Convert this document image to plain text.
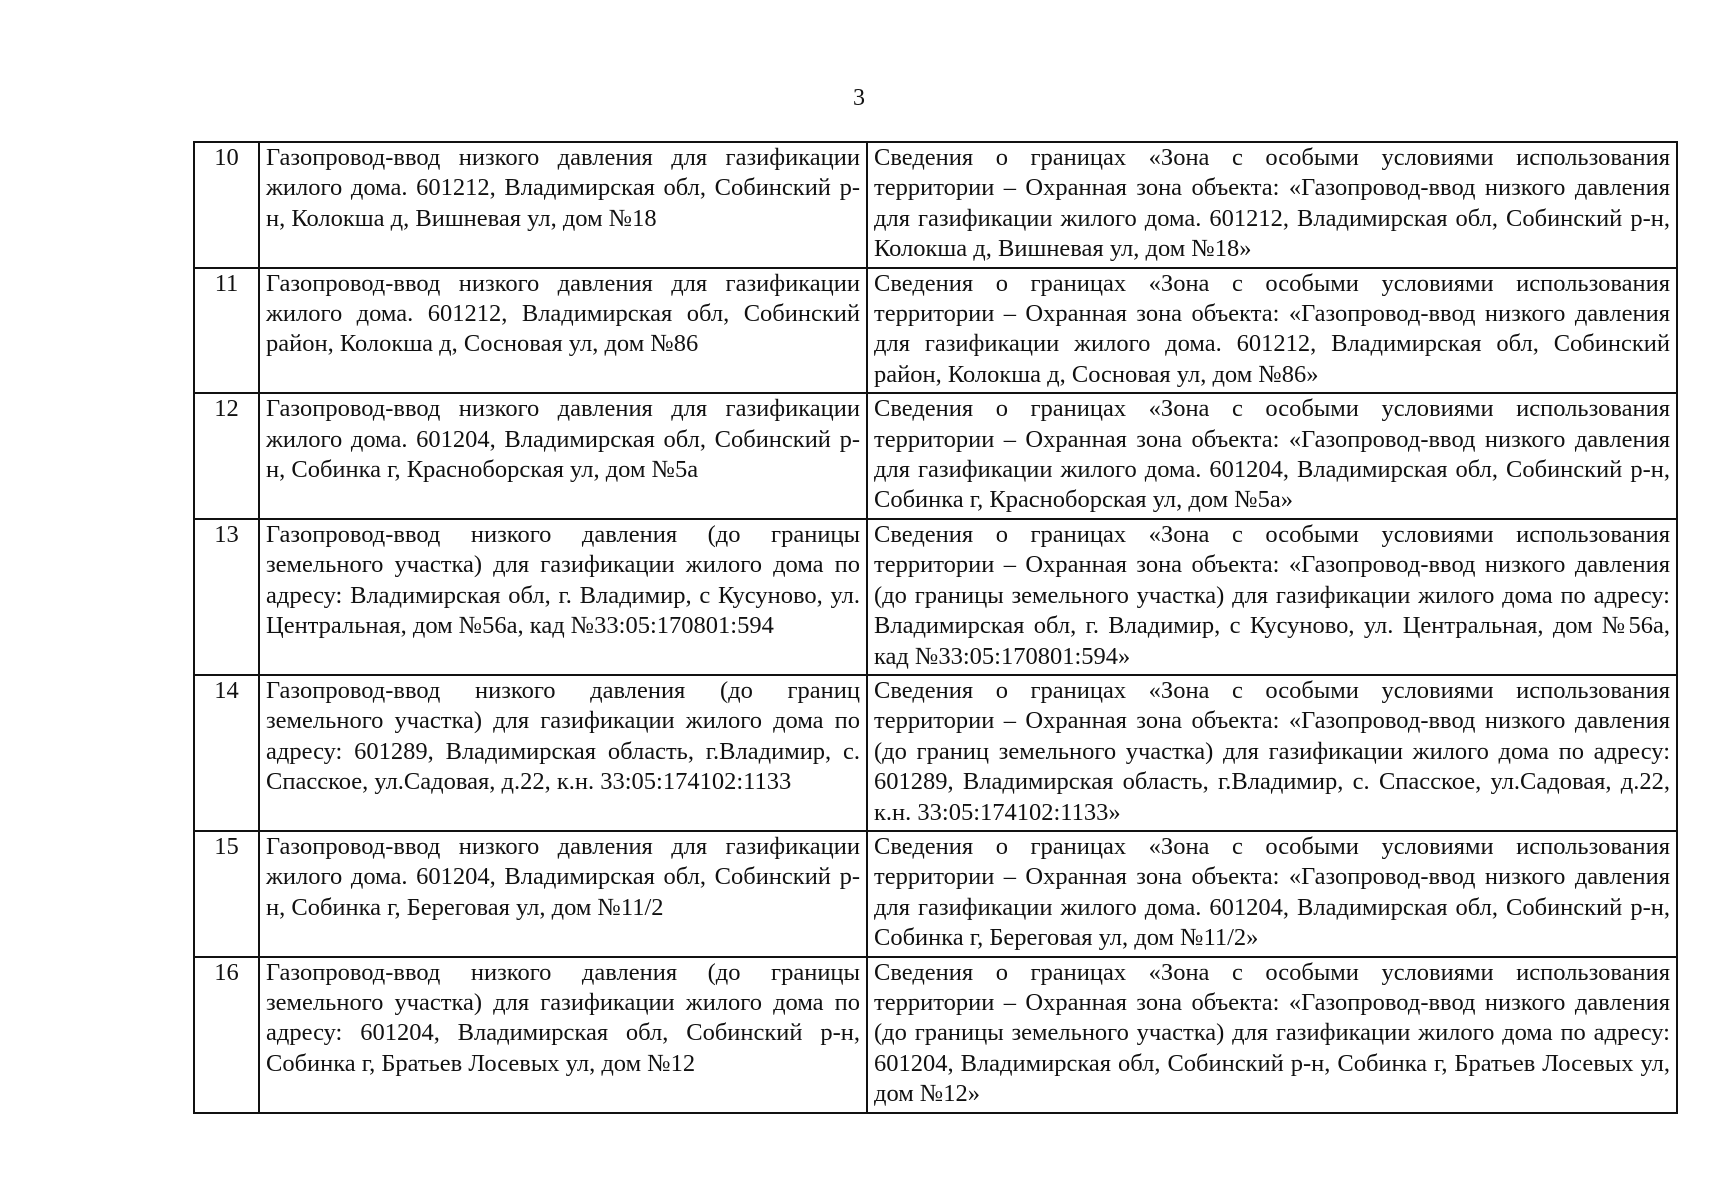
3
10	Газопровод-ввод низкого давления для газификации жилого дома. 601212, Владимирская обл, Собинский р-н, Колокша д, Вишневая ул, дом №18	Сведения о границах «Зона с особыми условиями использования территории – Охранная зона объекта: «Газопровод-ввод низкого давления для газификации жилого дома. 601212, Владимирская обл, Собинский р-н, Колокша д, Вишневая ул, дом №18»
11	Газопровод-ввод низкого давления для газификации жилого дома. 601212, Владимирская обл, Собинский район, Колокша д, Сосновая ул, дом №86	Сведения о границах «Зона с особыми условиями использования территории – Охранная зона объекта: «Газопровод-ввод низкого давления для газификации жилого дома. 601212, Владимирская обл, Собинский район, Колокша д, Сосновая ул, дом №86»
12	Газопровод-ввод низкого давления для газификации жилого дома. 601204, Владимирская обл, Собинский р-н, Собинка г, Красноборская ул, дом №5а	Сведения о границах «Зона с особыми условиями использования территории – Охранная зона объекта: «Газопровод-ввод низкого давления для газификации жилого дома. 601204, Владимирская обл, Собинский р-н, Собинка г, Красноборская ул, дом №5а»
13	Газопровод-ввод низкого давления (до границы земельного участка) для газификации жилого дома по адресу: Владимирская обл, г. Владимир, с Кусуново, ул. Центральная, дом №56а, кад №33:05:170801:594	Сведения о границах «Зона с особыми условиями использования территории – Охранная зона объекта: «Газопровод-ввод низкого давления (до границы земельного участка) для газификации жилого дома по адресу: Владимирская обл, г. Владимир, с Кусуново, ул. Центральная, дом №56а, кад №33:05:170801:594»
14	Газопровод-ввод низкого давления (до границ земельного участка) для газификации жилого дома по адресу: 601289, Владимирская область, г.Владимир, с. Спасское, ул.Садовая, д.22, к.н. 33:05:174102:1133	Сведения о границах «Зона с особыми условиями использования территории – Охранная зона объекта: «Газопровод-ввод низкого давления (до границ земельного участка) для газификации жилого дома по адресу: 601289, Владимирская область, г.Владимир, с. Спасское, ул.Садовая, д.22, к.н. 33:05:174102:1133»
15	Газопровод-ввод низкого давления для газификации жилого дома. 601204, Владимирская обл, Собинский р-н, Собинка г, Береговая ул, дом №11/2	Сведения о границах «Зона с особыми условиями использования территории – Охранная зона объекта: «Газопровод-ввод низкого давления для газификации жилого дома. 601204, Владимирская обл, Собинский р-н, Собинка г, Береговая ул, дом №11/2»
16	Газопровод-ввод низкого давления (до границы земельного участка) для газификации жилого дома по адресу: 601204, Владимирская обл, Собинский р-н, Собинка г, Братьев Лосевых ул, дом №12	Сведения о границах «Зона с особыми условиями использования территории – Охранная зона объекта: «Газопровод-ввод низкого давления (до границы земельного участка) для газификации жилого дома по адресу: 601204, Владимирская обл, Собинский р-н, Собинка г, Братьев Лосевых ул, дом №12»
